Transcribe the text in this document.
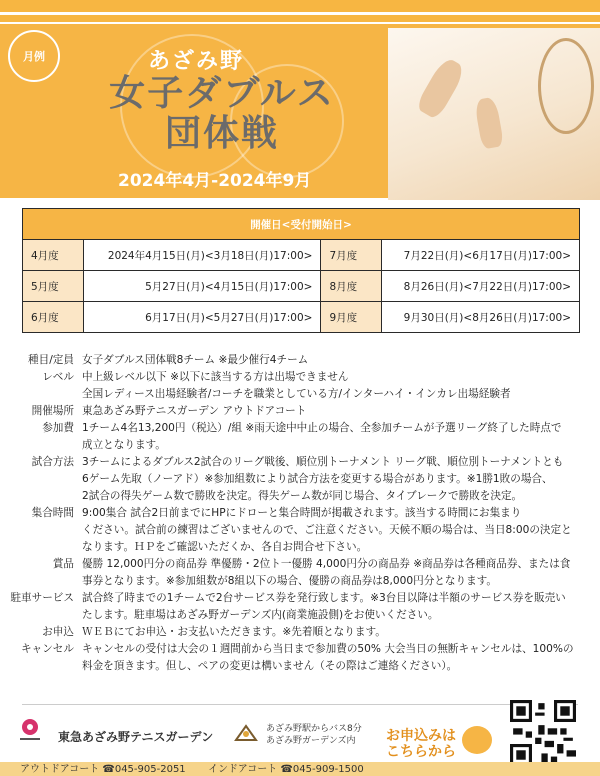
月例	あざみ野
女子ダブルス
団体戦
2024年4月-2024年9月
開催日<受付開始日>			
4月度	2024年4月15日(月)<3月18日(月)17:00>	7月度	7月22日(月)<6月17日(月)17:00>
5月度	5月27日(月)<4月15日(月)17:00>	8月度	8月26日(月)<7月22日(月)17:00>
6月度	6月17日(月)<5月27日(月)17:00>	9月度	9月30日(月)<8月26日(月)17:00>
種目/定員 女子ダブルス団体戦8チーム ※最少催行4チーム
レベル 中上級レベル以下 ※以下に該当する方は出場できません
全国レディース出場経験者/コーチを職業としている方/インターハイ・インカレ出場経験者
開催場所 東急あざみ野テニスガーデン アウトドアコート
参加費 1チーム4名13,200円（税込）/組 ※雨天途中中止の場合、全参加チームが予選リーグ終了した時点で
成立となります。
試合方法 3チームによるダブルス2試合のリーグ戦後、順位別トーナメント リーグ戦、順位別トーナメントとも
6ゲーム先取（ノーアド）※参加組数により試合方法を変更する場合があります。※1勝1敗の場合、
2試合の得失ゲーム数で勝敗を決定。得失ゲーム数が同じ場合、タイブレークで勝敗を決定。
集合時間 9:00集合 試合2日前までにHPにドローと集合時間が掲載されます。該当する時間にお集まり
ください。試合前の練習はございませんので、ご注意ください。天候不順の場合は、当日8:00の決定と
なります。ＨＰをご確認いただくか、各自お問合せ下さい。
賞品 優勝 12,000円分の商品券 準優勝・2位ト一優勝 4,000円分の商品券 ※商品券は各種商品券、または食
事券となります。※参加組数が8組以下の場合、優勝の商品券は8,000円分となります。
駐車サービス 試合終了時までの1チームで2台サービス券を発行致します。※3台目以降は半額のサービス券を販売い
たします。駐車場はあざみ野ガーデンズ内(商業施設側)をお使いください。
お申込 ＷＥＢにてお申込・お支払いただきます。※先着順となります。
キャンセル キャンセルの受付は大会の１週間前から当日まで参加費の50% 大会当日の無断キャンセルは、100%の
料金を頂きます。但し、ペアの変更は構いません（その際はご連絡ください）。
東急あざみ野テニスガーデン
あざみ野駅からバス8分
あざみ野ガーデンズ内	お申込みは
こちらから
アウトドアコート ☎045-905-2051 インドアコート ☎045-909-1500
